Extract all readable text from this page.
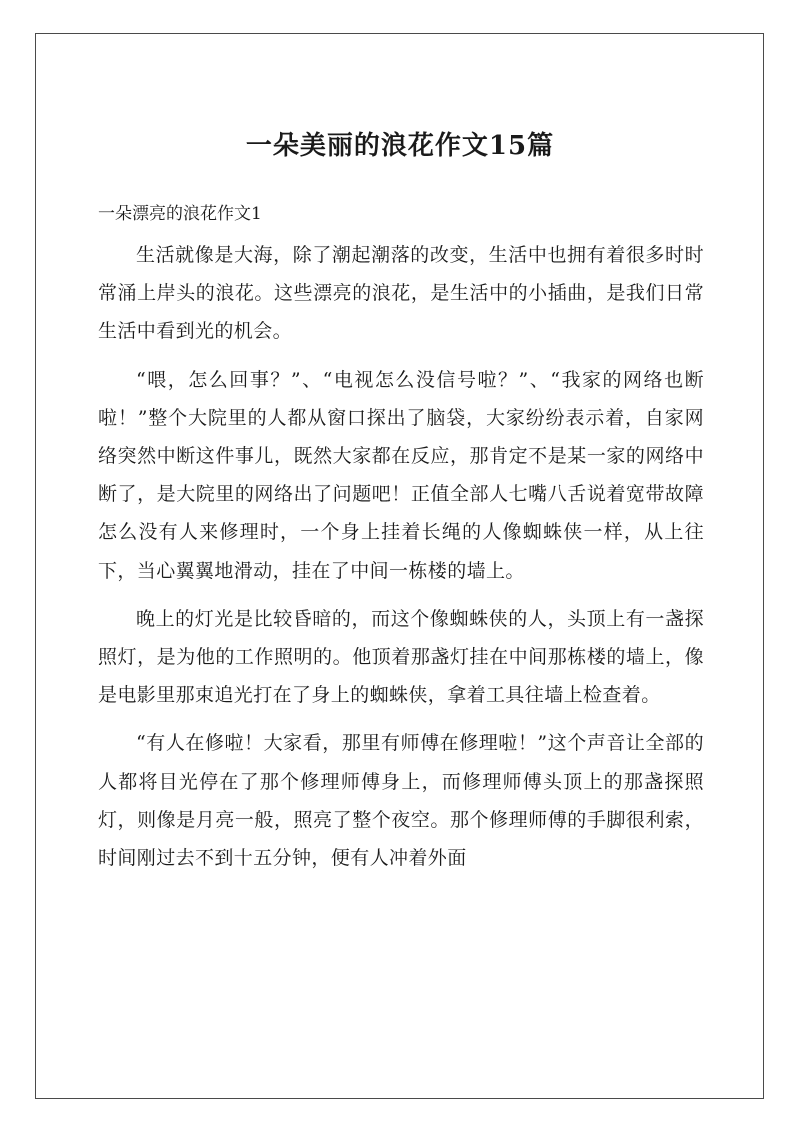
一朵美丽的浪花作文15篇

一朵漂亮的浪花作文1

生活就像是大海，除了潮起潮落的改变，生活中也拥有着很多时时常涌上岸头的浪花。这些漂亮的浪花，是生活中的小插曲，是我们日常生活中看到光的机会。

“喂，怎么回事？”、“电视怎么没信号啦？”、“我家的网络也断啦！”整个大院里的人都从窗口探出了脑袋，大家纷纷表示着，自家网络突然中断这件事儿，既然大家都在反应，那肯定不是某一家的网络中断了，是大院里的网络出了问题吧！正值全部人七嘴八舌说着宽带故障怎么没有人来修理时，一个身上挂着长绳的人像蜘蛛侠一样，从上往下，当心翼翼地滑动，挂在了中间一栋楼的墙上。

晚上的灯光是比较昏暗的，而这个像蜘蛛侠的人，头顶上有一盏探照灯，是为他的工作照明的。他顶着那盏灯挂在中间那栋楼的墙上，像是电影里那束追光打在了身上的蜘蛛侠，拿着工具往墙上检查着。

“有人在修啦！大家看，那里有师傅在修理啦！”这个声音让全部的人都将目光停在了那个修理师傅身上，而修理师傅头顶上的那盏探照灯，则像是月亮一般，照亮了整个夜空。那个修理师傅的手脚很利索，时间刚过去不到十五分钟，便有人冲着外面
